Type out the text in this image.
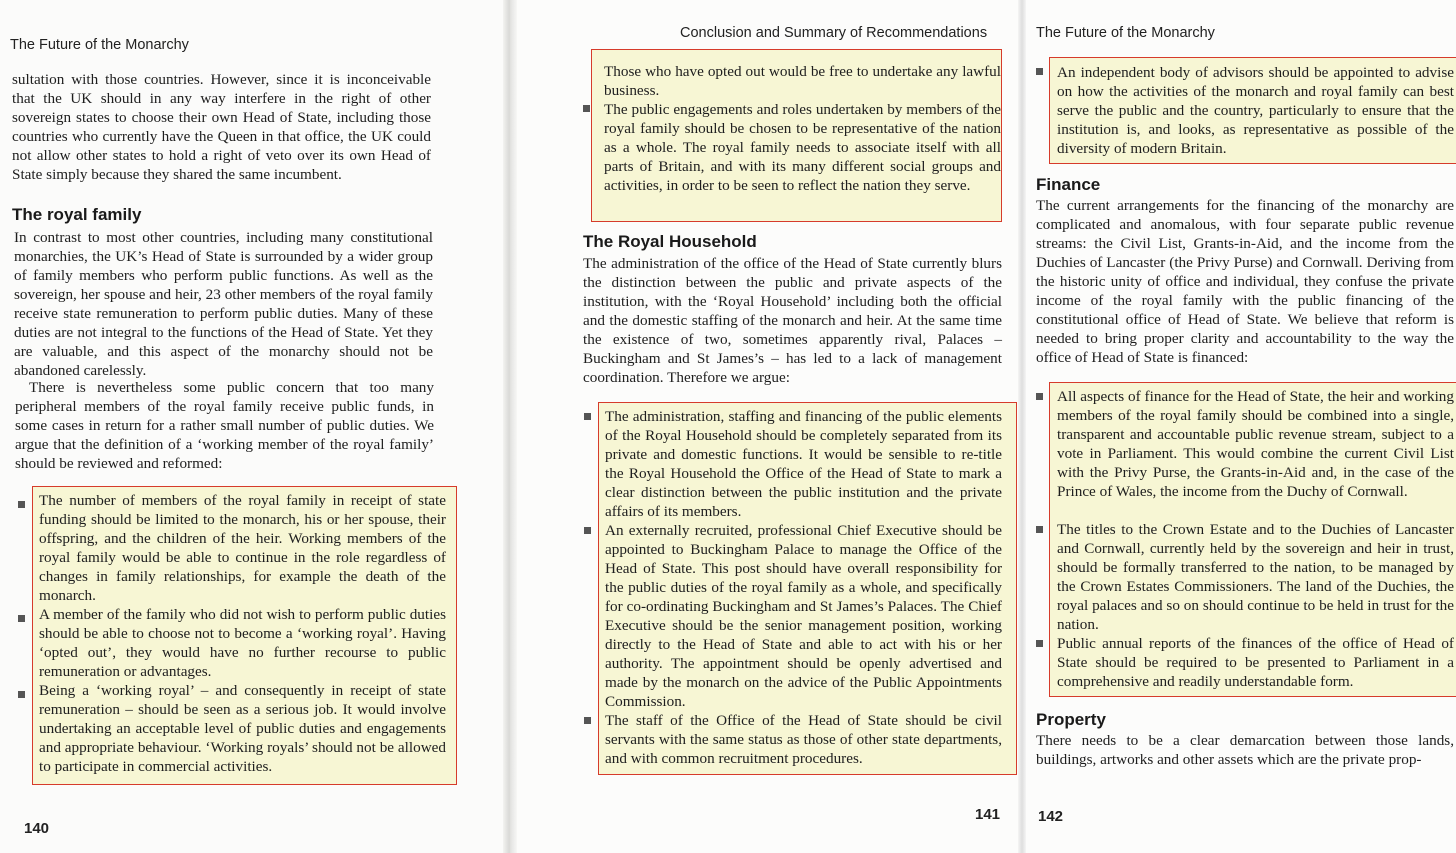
The Future of the Monarchy

sultation with those countries. However, since it is inconceivable that the UK should in any way interfere in the right of other sovereign states to choose their own Head of State, including those countries who currently have the Queen in that office, the UK could not allow other states to hold a right of veto over its own Head of State simply because they shared the same incumbent.

The royal family

In contrast to most other countries, including many constitutional monarchies, the UK’s Head of State is surrounded by a wider group of family members who perform public functions. As well as the sovereign, her spouse and heir, 23 other members of the royal family receive state remuneration to perform public duties. Many of these duties are not integral to the functions of the Head of State. Yet they are valuable, and this aspect of the monarchy should not be abandoned carelessly.

There is nevertheless some public concern that too many peripheral members of the royal family receive public funds, in some cases in return for a rather small number of public duties. We argue that the definition of a ‘working member of the royal family’ should be reviewed and reformed:

The number of members of the royal family in receipt of state funding should be limited to the monarch, his or her spouse, their offspring, and the children of the heir. Working members of the royal family would be able to continue in the role regardless of changes in family relationships, for example the death of the monarch.

A member of the family who did not wish to perform public duties should be able to choose not to become a ‘working royal’. Having ‘opted out’, they would have no further recourse to public remuneration or advantages.

Being a ‘working royal’ – and consequently in receipt of state remuneration – should be seen as a serious job. It would involve undertaking an acceptable level of public duties and engagements and appropriate behaviour. ‘Working royals’ should not be allowed to participate in commercial activities.

140
Conclusion and Summary of Recommendations

Those who have opted out would be free to undertake any lawful business.

The public engagements and roles undertaken by members of the royal family should be chosen to be representative of the nation as a whole. The royal family needs to associate itself with all parts of Britain, and with its many different social groups and activities, in order to be seen to reflect the nation they serve.

The Royal Household

The administration of the office of the Head of State currently blurs the distinction between the public and private aspects of the institution, with the ‘Royal Household’ including both the official and the domestic staffing of the monarch and heir. At the same time the existence of two, sometimes apparently rival, Palaces – Buckingham and St James’s – has led to a lack of management coordination. Therefore we argue:

The administration, staffing and financing of the public elements of the Royal Household should be completely separated from its private and domestic functions. It would be sensible to re-title the Royal Household the Office of the Head of State to mark a clear distinction between the public institution and the private affairs of its members.

An externally recruited, professional Chief Executive should be appointed to Buckingham Palace to manage the Office of the Head of State. This post should have overall responsibility for the public duties of the royal family as a whole, and specifically for co-ordinating Buckingham and St James’s Palaces. The Chief Executive should be the senior management position, working directly to the Head of State and able to act with his or her authority. The appointment should be openly advertised and made by the monarch on the advice of the Public Appointments Commission.

The staff of the Office of the Head of State should be civil servants with the same status as those of other state departments, and with common recruitment procedures.

141
The Future of the Monarchy

An independent body of advisors should be appointed to advise on how the activities of the monarch and royal family can best serve the public and the country, particularly to ensure that the institution is, and looks, as representative as possible of the diversity of modern Britain.

Finance

The current arrangements for the financing of the monarchy are complicated and anomalous, with four separate public revenue streams: the Civil List, Grants-in-Aid, and the income from the Duchies of Lancaster (the Privy Purse) and Cornwall. Deriving from the historic unity of office and individual, they confuse the private income of the royal family with the public financing of the constitutional office of Head of State. We believe that reform is needed to bring proper clarity and accountability to the way the office of Head of State is financed:

All aspects of finance for the Head of State, the heir and working members of the royal family should be combined into a single, transparent and accountable public revenue stream, subject to a vote in Parliament. This would combine the current Civil List with the Privy Purse, the Grants-in-Aid and, in the case of the Prince of Wales, the income from the Duchy of Cornwall.

The titles to the Crown Estate and to the Duchies of Lancaster and Cornwall, currently held by the sovereign and heir in trust, should be formally transferred to the nation, to be managed by the Crown Estates Commissioners. The land of the Duchies, the royal palaces and so on should continue to be held in trust for the nation.

Public annual reports of the finances of the office of Head of State should be required to be presented to Parliament in a comprehensive and readily understandable form.

Property

There needs to be a clear demarcation between those lands, buildings, artworks and other assets which are the private prop-

142
